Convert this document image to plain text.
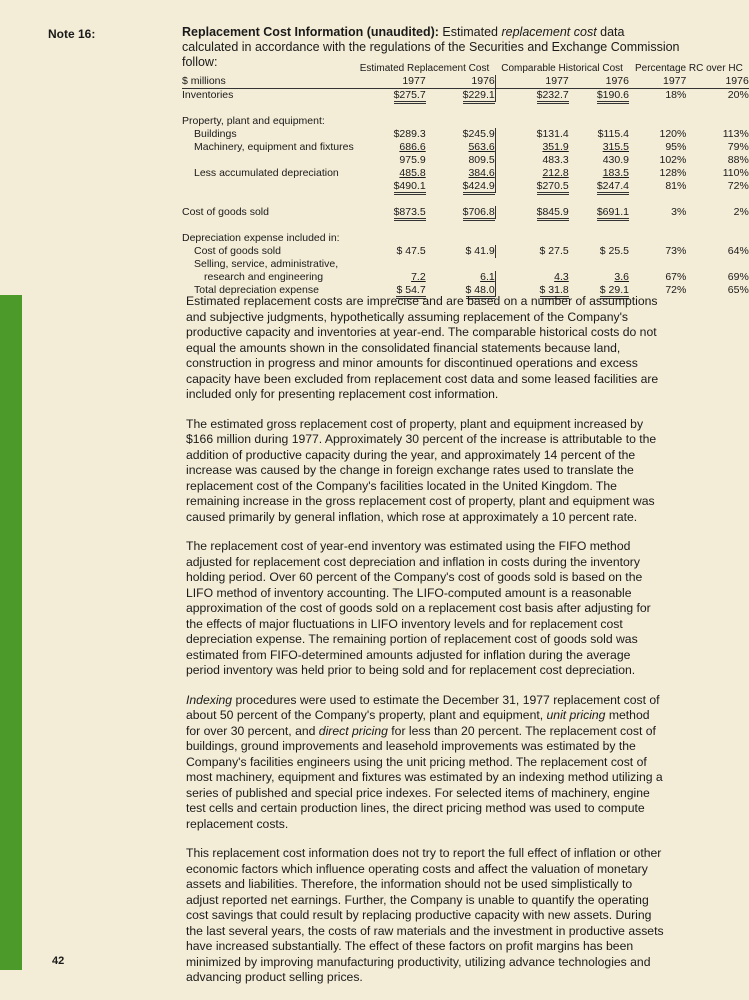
Note 16:	Replacement Cost Information (unaudited): Estimated replacement cost data calculated in accordance with the regulations of the Securities and Exchange Commission follow:
		Estimated Replacement Cost		Comparable Historical Cost		Percentage RC over HC	
$ millions	1977	1976	1977	1976	1977	1976
Inventories	$275.7	$229.1	$232.7	$190.6	18%	20%

Property, plant and equipment:						
Buildings	$289.3	$245.9	$131.4	$115.4	120%	113%
Machinery, equipment and fixtures	686.6	563.6	351.9	315.5	95%	79%
	975.9	809.5	483.3	430.9	102%	88%
Less accumulated depreciation	485.8	384.6	212.8	183.5	128%	110%
	$490.1	$424.9	$270.5	$247.4	81%	72%

Cost of goods sold	$873.5	$706.8	$845.9	$691.1	3%	2%

Depreciation expense included in:						
Cost of goods sold	$ 47.5	$ 41.9	$ 27.5	$ 25.5	73%	64%
Selling, service, administrative,						
research and engineering	7.2	6.1	4.3	3.6	67%	69%
Total depreciation expense	$ 54.7	$ 48.0	$ 31.8	$ 29.1	72%	65%

Estimated replacement costs are imprecise and are based on a number of assumptions and subjective judgments, hypothetically assuming replacement of the Company's productive capacity and inventories at year-end. The comparable historical costs do not equal the amounts shown in the consolidated financial statements because land, construction in progress and minor amounts for discontinued operations and excess capacity have been excluded from replacement cost data and some leased facilities are included only for presenting replacement cost information.

The estimated gross replacement cost of property, plant and equipment increased by $166 million during 1977. Approximately 30 percent of the increase is attributable to the addition of productive capacity during the year, and approximately 14 percent of the increase was caused by the change in foreign exchange rates used to translate the replacement cost of the Company's facilities located in the United Kingdom. The remaining increase in the gross replacement cost of property, plant and equipment was caused primarily by general inflation, which rose at approximately a 10 percent rate.

The replacement cost of year-end inventory was estimated using the FIFO method adjusted for replacement cost depreciation and inflation in costs during the inventory holding period. Over 60 percent of the Company's cost of goods sold is based on the LIFO method of inventory accounting. The LIFO-computed amount is a reasonable approximation of the cost of goods sold on a replacement cost basis after adjusting for the effects of major fluctuations in LIFO inventory levels and for replacement cost depreciation expense. The remaining portion of replacement cost of goods sold was estimated from FIFO-determined amounts adjusted for inflation during the average period inventory was held prior to being sold and for replacement cost depreciation.

Indexing procedures were used to estimate the December 31, 1977 replacement cost of about 50 percent of the Company's property, plant and equipment, unit pricing method for over 30 percent, and direct pricing for less than 20 percent. The replacement cost of buildings, ground improvements and leasehold improvements was estimated by the Company's facilities engineers using the unit pricing method. The replacement cost of most machinery, equipment and fixtures was estimated by an indexing method utilizing a series of published and special price indexes. For selected items of machinery, engine test cells and certain production lines, the direct pricing method was used to compute replacement costs.

This replacement cost information does not try to report the full effect of inflation or other economic factors which influence operating costs and affect the valuation of monetary assets and liabilities. Therefore, the information should not be used simplistically to adjust reported net earnings. Further, the Company is unable to quantify the operating cost savings that could result by replacing productive capacity with new assets. During the last several years, the costs of raw materials and the investment in productive assets have increased substantially. The effect of these factors on profit margins has been minimized by improving manufacturing productivity, utilizing advance technologies and advancing product selling prices.

42
